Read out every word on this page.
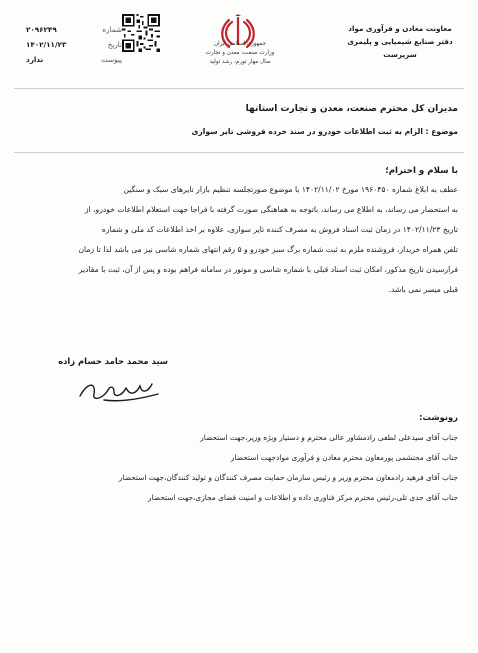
معاونت معادن و فرآوری مواد
دفتر صنایع شیمیایی و پلیمری
سرپرست
جمهوری اسلامی ایران
وزارت صنعت، معدن و تجارت
سال مهار تورم، رشد تولید
شماره
۲۰۹۶۲۴۹
تاریخ
۱۴۰۲/۱۱/۲۳
پیوست
ندارد
مدیران کل محترم صنعت، معدن و تجارت استانها
موضوع : الزام به ثبت اطلاعات خودرو در سند خرده فروشی تایر سواری
با سلام و احترام؛
عطف به ابلاغ شماره ۱۹۶۰۴۵۰ مورخ ۱۴۰۲/۱۱/۰۲ با موضوع صورتجلسه تنظیم بازار تایرهای سبک و سنگین
به استحضار می رساند، به اطلاع می رساند، باتوجه به هماهنگی صورت گرفته با فراجا جهت استعلام اطلاعات خودرو، از
تاریخ ۱۴۰۲/۱۱/۲۳ در زمان ثبت اسناد فروش به مصرف کننده تایر سواری، علاوه بر اخذ اطلاعات کد ملی و شماره
تلفن همراه خریدار، فروشنده ملزم به ثبت شماره برگ سبز خودرو و ۵ رقم انتهای شماره شاسی نیز می باشد لذا تا زمان
فرارسیدن تاریخ مذکور، امکان ثبت اسناد قبلی با شماره شاسی و موتور در سامانه فراهم بوده و پس از آن، ثبت با مقادیر
قبلی میسر نمی باشد.
سید محمد حامد حسام زاده
رونوشت:
جناب آقای سیدعلی لطفی رادمشاور عالی محترم و دستیار ویژه وزیر،جهت استحضار
جناب آقای محتشمی پورمعاون محترم معادن و فرآوری موادجهت استحضار
جناب آقای فرهید رادمعاون محترم وزیر و رئیس سازمان حمایت مصرف کنندگان و تولید کنندگان،جهت استحضار
جناب آقای جدی تلی،رئیس محترم مرکز فناوری داده و اطلاعات و امنیت فضای مجازی،جهت استحضار
